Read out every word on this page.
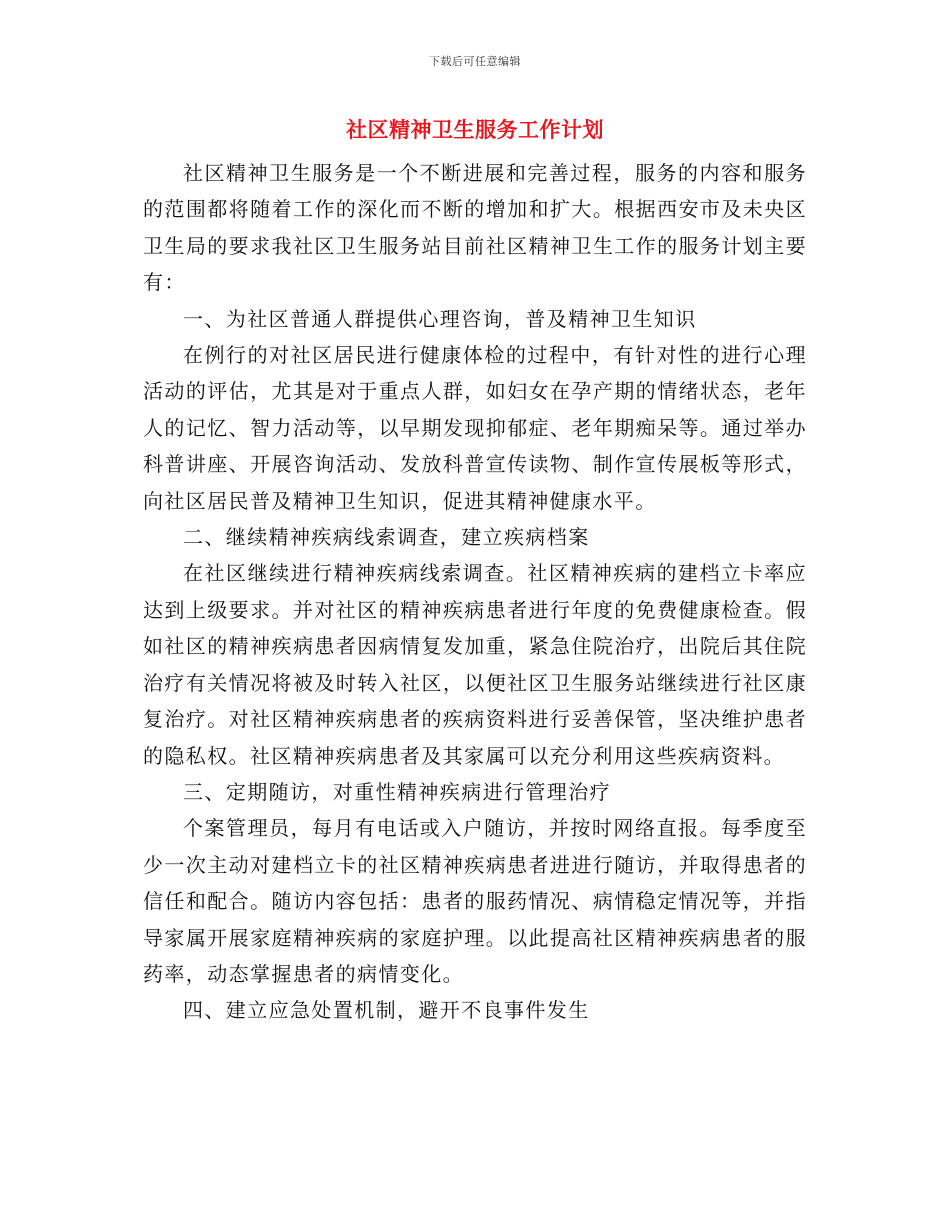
下载后可任意编辑
社区精神卫生服务工作计划

社区精神卫生服务是一个不断进展和完善过程，服务的内容和服务的范围都将随着工作的深化而不断的增加和扩大。根据西安市及未央区卫生局的要求我社区卫生服务站目前社区精神卫生工作的服务计划主要有：

一、为社区普通人群提供心理咨询，普及精神卫生知识

在例行的对社区居民进行健康体检的过程中，有针对性的进行心理活动的评估，尤其是对于重点人群，如妇女在孕产期的情绪状态，老年人的记忆、智力活动等，以早期发现抑郁症、老年期痴呆等。通过举办科普讲座、开展咨询活动、发放科普宣传读物、制作宣传展板等形式，向社区居民普及精神卫生知识，促进其精神健康水平。

二、继续精神疾病线索调查，建立疾病档案

在社区继续进行精神疾病线索调查。社区精神疾病的建档立卡率应达到上级要求。并对社区的精神疾病患者进行年度的免费健康检查。假如社区的精神疾病患者因病情复发加重，紧急住院治疗，出院后其住院治疗有关情况将被及时转入社区，以便社区卫生服务站继续进行社区康复治疗。对社区精神疾病患者的疾病资料进行妥善保管，坚决维护患者的隐私权。社区精神疾病患者及其家属可以充分利用这些疾病资料。

三、定期随访，对重性精神疾病进行管理治疗

个案管理员，每月有电话或入户随访，并按时网络直报。每季度至少一次主动对建档立卡的社区精神疾病患者进进行随访，并取得患者的信任和配合。随访内容包括：患者的服药情况、病情稳定情况等，并指导家属开展家庭精神疾病的家庭护理。以此提高社区精神疾病患者的服药率，动态掌握患者的病情变化。

四、建立应急处置机制，避开不良事件发生
